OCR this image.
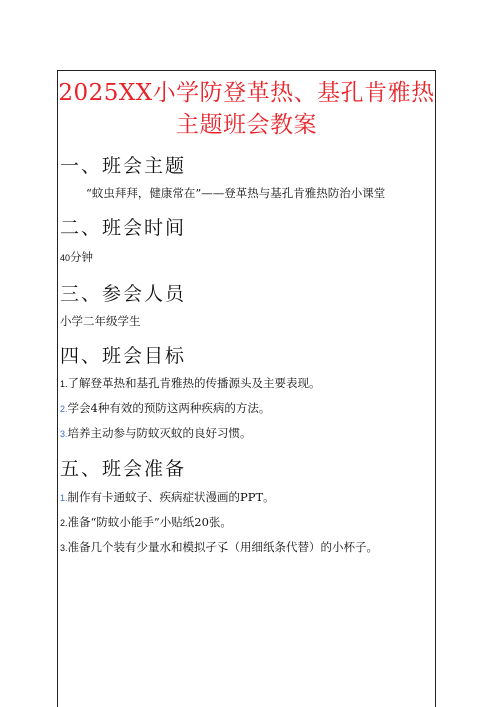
2025XX小学防登革热、基孔肯雅热
主题班会教案
一、班会主题
“蚊虫拜拜，健康常在”——登革热与基孔肯雅热防治小课堂
二、班会时间
40分钟
三、参会人员
小学二年级学生
四、班会目标
1.了解登革热和基孔肯雅热的传播源头及主要表现。
2.学会4种有效的预防这两种疾病的方法。
3.培养主动参与防蚊灭蚊的良好习惯。
五、班会准备
1.制作有卡通蚊子、疾病症状漫画的PPT。
2.准备“防蚊小能手”小贴纸20张。
3.准备几个装有少量水和模拟孑孓（用细纸条代替）的小杯子。
